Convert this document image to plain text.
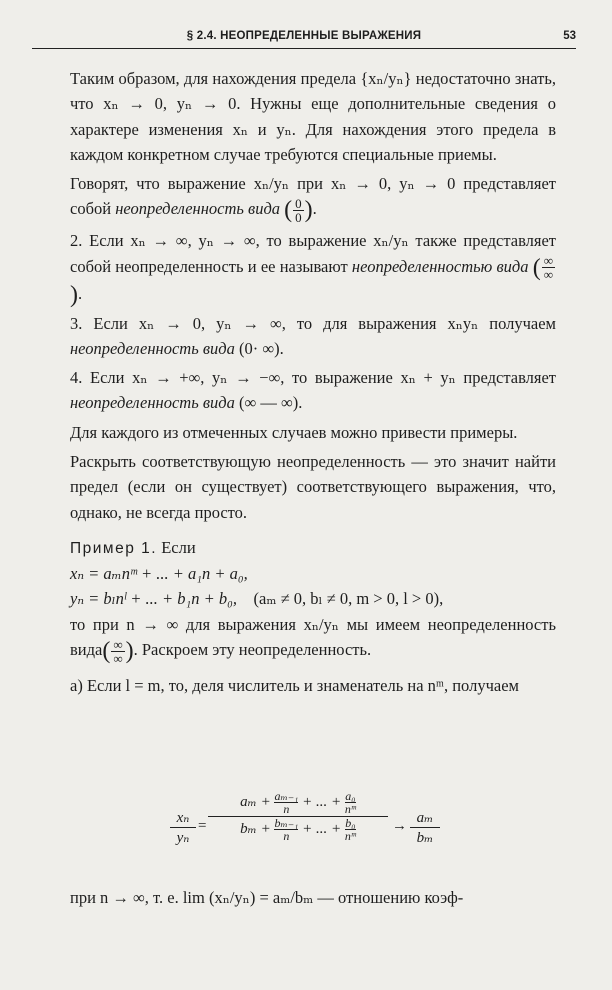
§ 2.4. НЕОПРЕДЕЛЕННЫЕ ВЫРАЖЕНИЯ	53

Таким образом, для нахождения предела {xₙ/yₙ} недостаточно знать, что xₙ → 0, yₙ → 0. Нужны еще дополнительные сведения о характере изменения xₙ и yₙ. Для нахождения этого предела в каждом конкретном случае требуются специальные приемы.

Говорят, что выражение xₙ/yₙ при xₙ → 0, yₙ → 0 представляет собой неопределенность вида ( $\frac{0}{0}$ ).

2. Если xₙ → ∞, yₙ → ∞, то выражение xₙ/yₙ также представляет собой неопределенность и ее называют неопределенностью вида ( $\frac{\infty}{\infty}$
).

3. Если xₙ → 0, yₙ → ∞, то для выражения xₙyₙ получаем неопределенность вида (0· ∞).

4. Если xₙ → +∞, yₙ → −∞, то выражение xₙ + yₙ представляет неопределенность вида (∞ — ∞).

Для каждого из отмеченных случаев можно привести примеры.

Раскрыть соответствующую неопределенность — это значит найти предел (если он существует) соответствующего выражения, что, однако, не всегда просто.

Пример 1. Если

xₙ = aₘnᵐ + ... + a₁n + a₀,

yₙ = bₗnˡ + ... + b₁n + b₀, (aₘ ≠ 0, bₗ ≠ 0, m > 0, l > 0),

то при n → ∞ для выражения xₙ/yₙ мы имеем неопределенность вида( $\frac{\infty}{\infty}$ ). Раскроем эту неопределенность.

а) Если l = m, то, деля числитель и знаменатель на nᵐ, получаем

xₙ
yₙ
= $\frac{a_m + \frac{\text{aₘ₋₁}}{n} + ... + \frac{\text{a₀}}{\text{nᵐ}}}{b_m + \frac{\text{bₘ₋₁}}{n} + ... + \frac{\text{b₀}}{\text{nᵐ}}} \to a_m$
bₘ
при n → ∞, т. е. lim (xₙ/yₙ) = aₘ/bₘ — отношению коэф-
